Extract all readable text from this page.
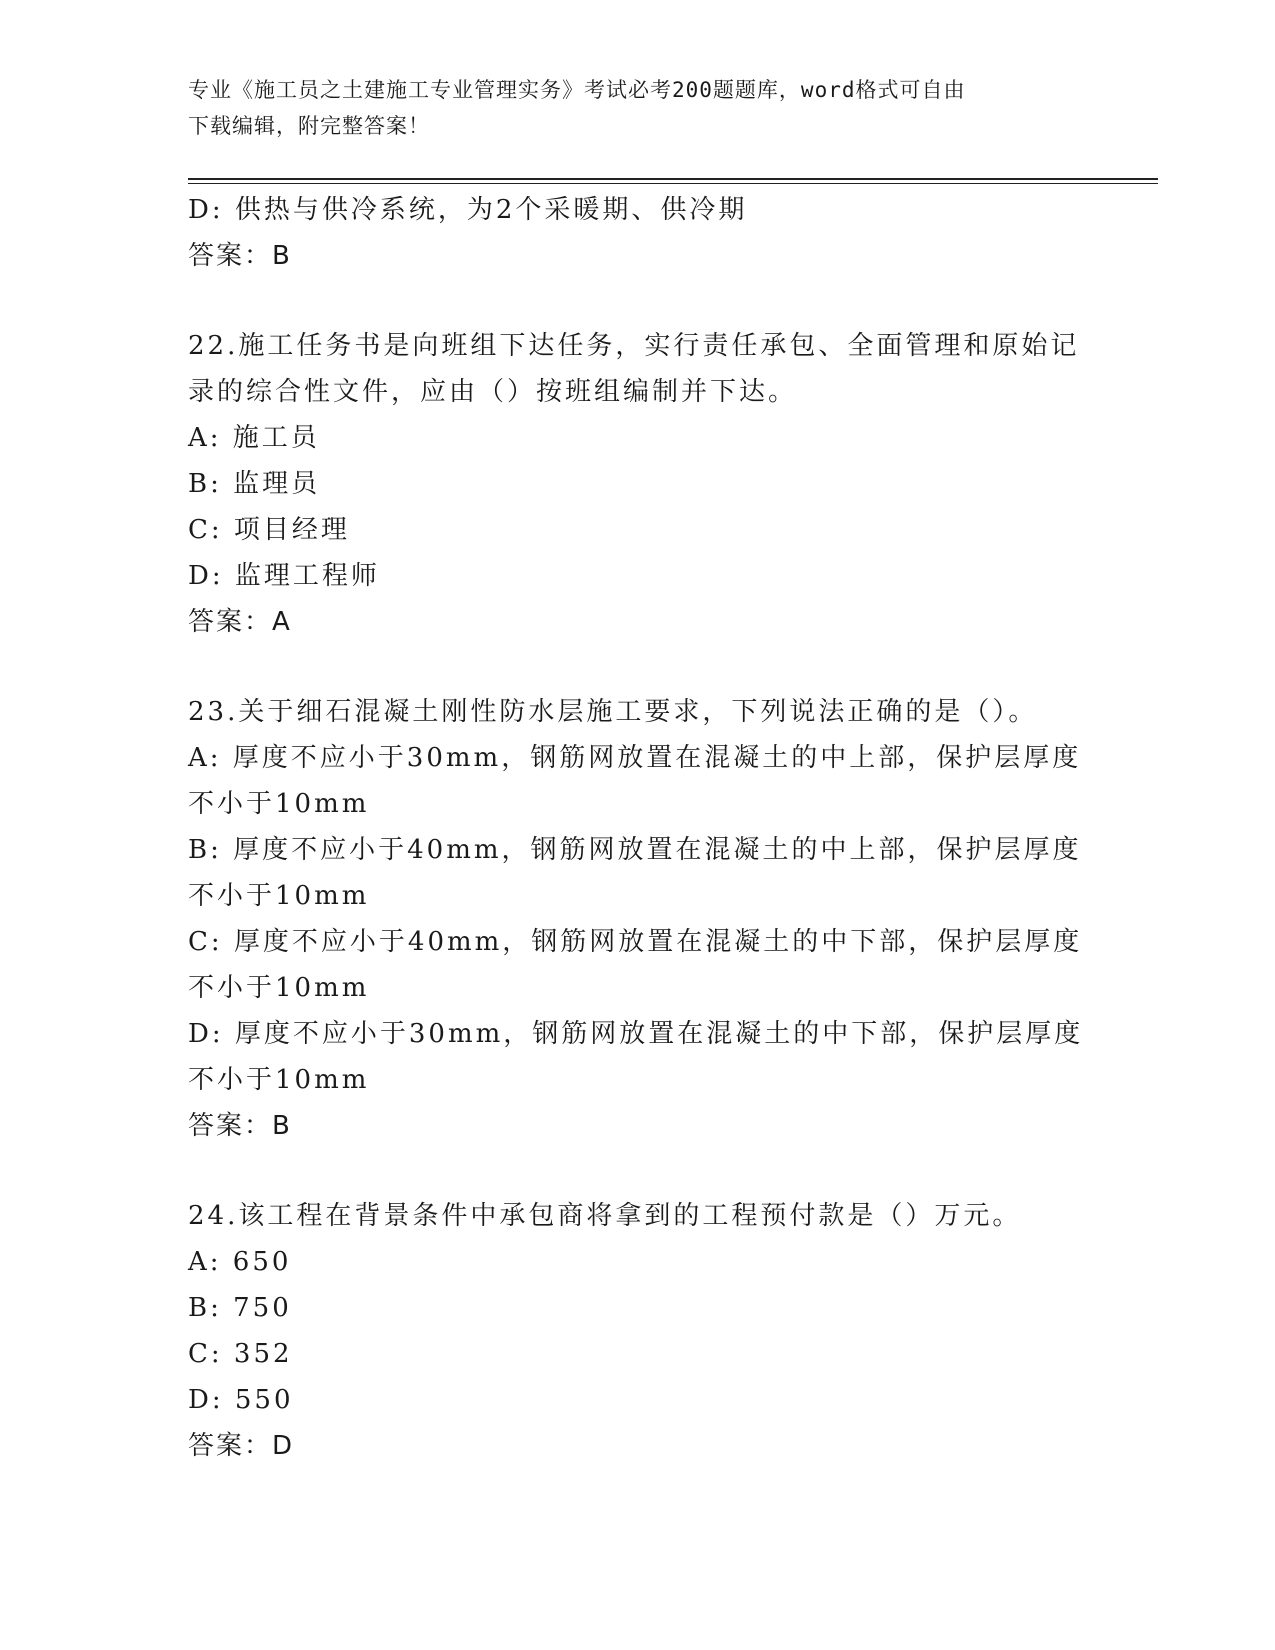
专业《施工员之土建施工专业管理实务》考试必考200题题库，word格式可自由
下载编辑，附完整答案！
D: 供热与供冷系统，为2个采暖期、供冷期
答案：B
22.施工任务书是向班组下达任务，实行责任承包、全面管理和原始记录的综合性文件，应由（）按班组编制并下达。
A: 施工员
B: 监理员
C: 项目经理
D: 监理工程师
答案：A
23.关于细石混凝土刚性防水层施工要求，下列说法正确的是（）。
A: 厚度不应小于30mm，钢筋网放置在混凝土的中上部，保护层厚度不小于10mm
B: 厚度不应小于40mm，钢筋网放置在混凝土的中上部，保护层厚度不小于10mm
C: 厚度不应小于40mm，钢筋网放置在混凝土的中下部，保护层厚度不小于10mm
D: 厚度不应小于30mm，钢筋网放置在混凝土的中下部，保护层厚度不小于10mm
答案：B
24.该工程在背景条件中承包商将拿到的工程预付款是（）万元。
A: 650
B: 750
C: 352
D: 550
答案：D
